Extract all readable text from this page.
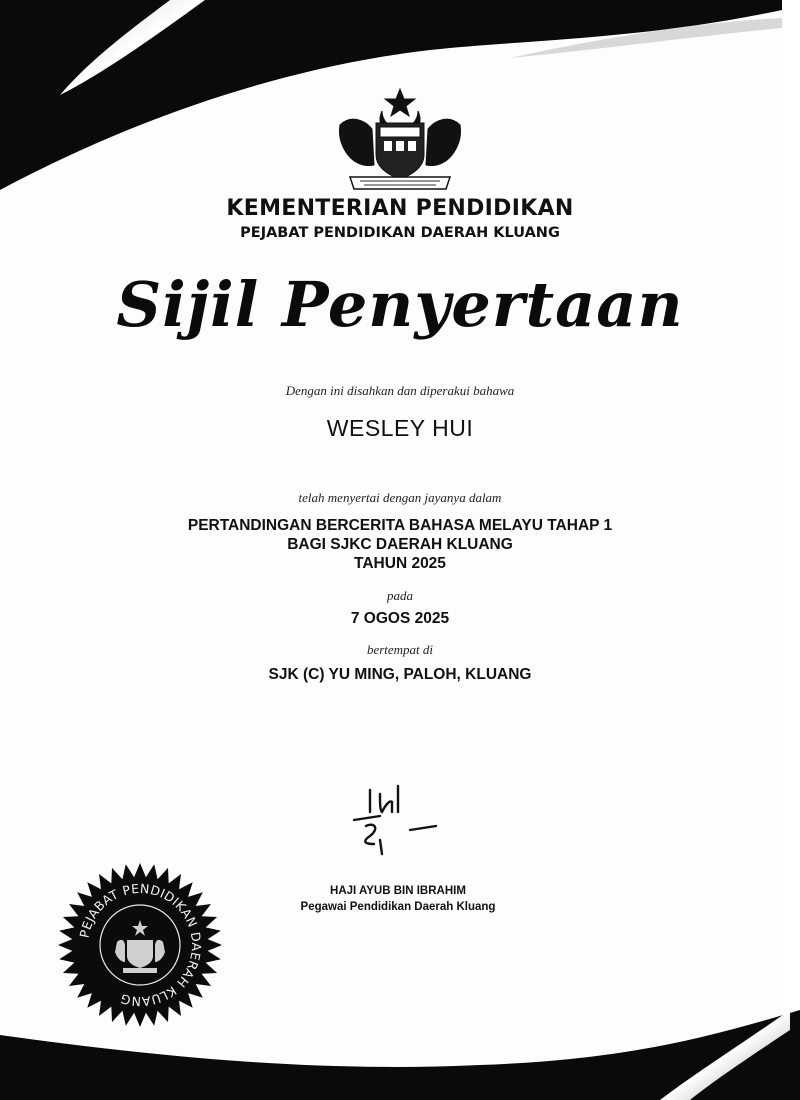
KEMENTERIAN PENDIDIKAN
PEJABAT PENDIDIKAN DAERAH KLUANG
Sijil Penyertaan
Dengan ini disahkan dan diperakui bahawa
WESLEY HUI
telah menyertai dengan jayanya dalam
PERTANDINGAN BERCERITA BAHASA MELAYU TAHAP 1
BAGI SJKC DAERAH KLUANG
TAHUN 2025
pada
7 OGOS 2025
bertempat di
SJK (C) YU MING, PALOH, KLUANG
HAJI AYUB BIN IBRAHIM
Pegawai Pendidikan Daerah Kluang
PEJABAT PENDIDIKAN DAERAH KLUANG
